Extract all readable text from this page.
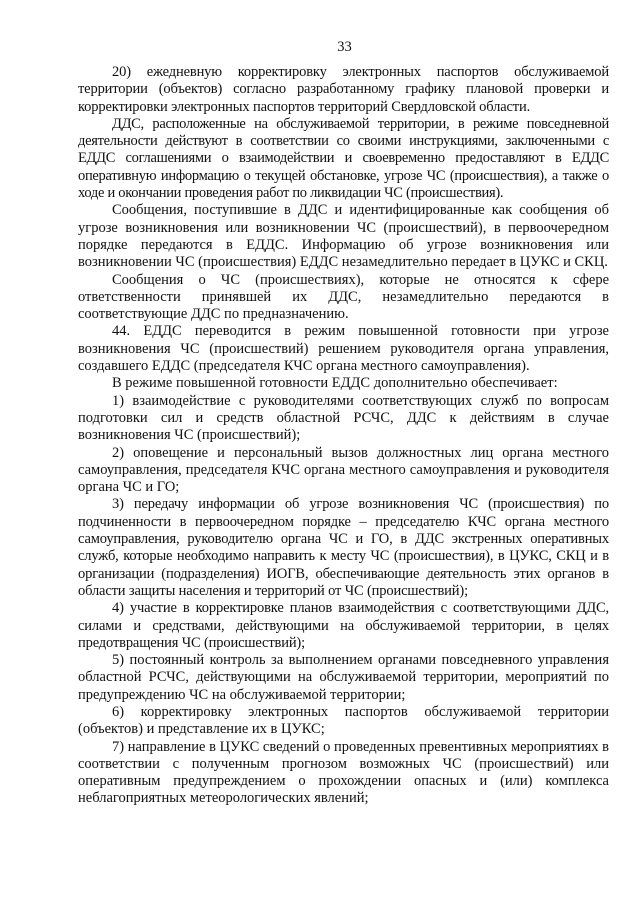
33

20) ежедневную корректировку электронных паспортов обслуживаемой территории (объектов) согласно разработанному графику плановой проверки и корректировки электронных паспортов территорий Свердловской области.

ДДС, расположенные на обслуживаемой территории, в режиме повседневной деятельности действуют в соответствии со своими инструкциями, заключенными с ЕДДС соглашениями о взаимодействии и своевременно предоставляют в ЕДДС оперативную информацию о текущей обстановке, угрозе ЧС (происшествия), а также о ходе и окончании проведения работ по ликвидации ЧС (происшествия).

Сообщения, поступившие в ДДС и идентифицированные как сообщения об угрозе возникновения или возникновении ЧС (происшествий), в первоочередном порядке передаются в ЕДДС. Информацию об угрозе возникновения или возникновении ЧС (происшествия) ЕДДС незамедлительно передает в ЦУКС и СКЦ.

Сообщения о ЧС (происшествиях), которые не относятся к сфере ответственности принявшей их ДДС, незамедлительно передаются в соответствующие ДДС по предназначению.

44. ЕДДС переводится в режим повышенной готовности при угрозе возникновения ЧС (происшествий) решением руководителя органа управления, создавшего ЕДДС (председателя КЧС органа местного самоуправления).

В режиме повышенной готовности ЕДДС дополнительно обеспечивает:

1) взаимодействие с руководителями соответствующих служб по вопросам подготовки сил и средств областной РСЧС, ДДС к действиям в случае возникновения ЧС (происшествий);

2) оповещение и персональный вызов должностных лиц органа местного самоуправления, председателя КЧС органа местного самоуправления и руководителя органа ЧС и ГО;

3) передачу информации об угрозе возникновения ЧС (происшествия) по подчиненности в первоочередном порядке – председателю КЧС органа местного самоуправления, руководителю органа ЧС и ГО, в ДДС экстренных оперативных служб, которые необходимо направить к месту ЧС (происшествия), в ЦУКС, СКЦ и в организации (подразделения) ИОГВ, обеспечивающие деятельность этих органов в области защиты населения и территорий от ЧС (происшествий);

4) участие в корректировке планов взаимодействия с соответствующими ДДС, силами и средствами, действующими на обслуживаемой территории, в целях предотвращения ЧС (происшествий);

5) постоянный контроль за выполнением органами повседневного управления областной РСЧС, действующими на обслуживаемой территории, мероприятий по предупреждению ЧС на обслуживаемой территории;

6) корректировку электронных паспортов обслуживаемой территории (объектов) и представление их в ЦУКС;

7) направление в ЦУКС сведений о проведенных превентивных мероприятиях в соответствии с полученным прогнозом возможных ЧС (происшествий) или оперативным предупреждением о прохождении опасных и (или) комплекса неблагоприятных метеорологических явлений;
